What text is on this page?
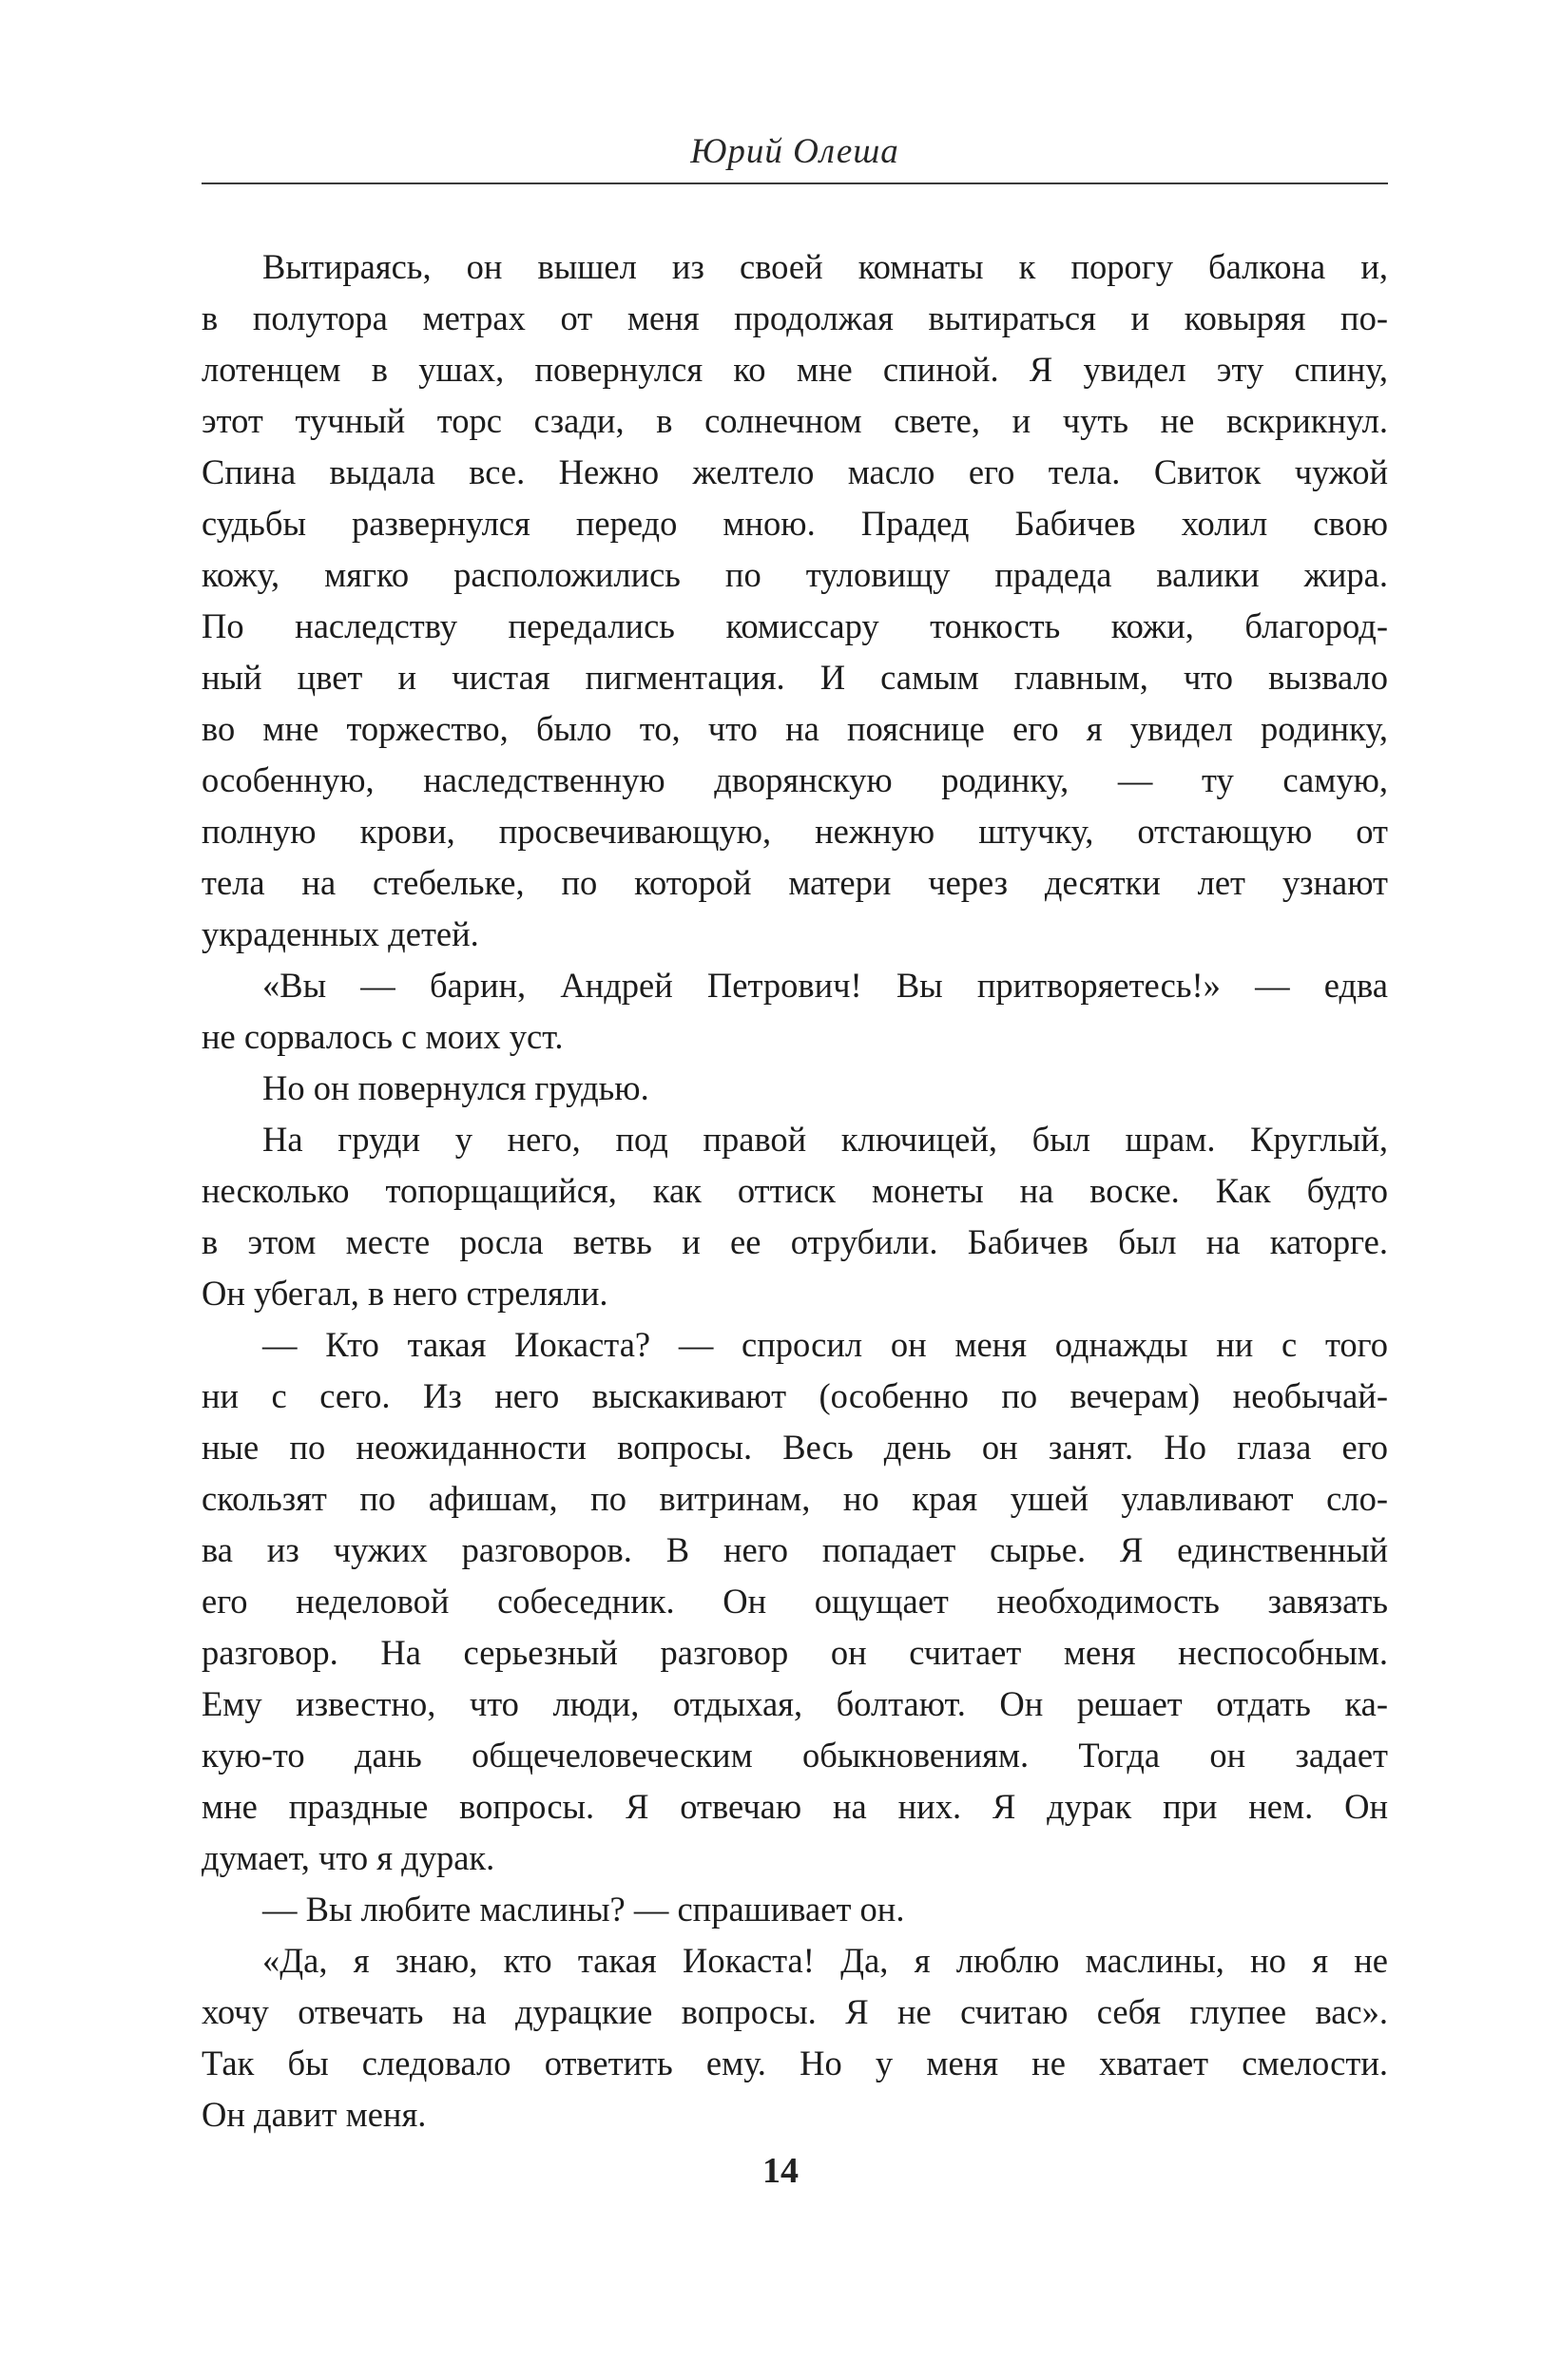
Юрий Олеша
Вытираясь, он вышел из своей комнаты к порогу балкона и,
в полутора метрах от меня продолжая вытираться и ковыряя по-
лотенцем в ушах, повернулся ко мне спиной. Я увидел эту спину,
этот тучный торс сзади, в солнечном свете, и чуть не вскрикнул.
Спина выдала все. Нежно желтело масло его тела. Свиток чужой
судьбы развернулся передо мною. Прадед Бабичев холил свою
кожу, мягко расположились по туловищу прадеда валики жира.
По наследству передались комиссару тонкость кожи, благород-
ный цвет и чистая пигментация. И самым главным, что вызвало
во мне торжество, было то, что на пояснице его я увидел родинку,
особенную, наследственную дворянскую родинку, — ту самую,
полную крови, просвечивающую, нежную штучку, отстающую от
тела на стебельке, по которой матери через десятки лет узнают
украденных детей.
«Вы — барин, Андрей Петрович! Вы притворяетесь!» — едва
не сорвалось с моих уст.
Но он повернулся грудью.
На груди у него, под правой ключицей, был шрам. Круглый,
несколько топорщащийся, как оттиск монеты на воске. Как будто
в этом месте росла ветвь и ее отрубили. Бабичев был на каторге.
Он убегал, в него стреляли.
— Кто такая Иокаста? — спросил он меня однажды ни с того
ни с сего. Из него выскакивают (особенно по вечерам) необычай-
ные по неожиданности вопросы. Весь день он занят. Но глаза его
скользят по афишам, по витринам, но края ушей улавливают сло-
ва из чужих разговоров. В него попадает сырье. Я единственный
его неделовой собеседник. Он ощущает необходимость завязать
разговор. На серьезный разговор он считает меня неспособным.
Ему известно, что люди, отдыхая, болтают. Он решает отдать ка-
кую-то дань общечеловеческим обыкновениям. Тогда он задает
мне праздные вопросы. Я отвечаю на них. Я дурак при нем. Он
думает, что я дурак.
— Вы любите маслины? — спрашивает он.
«Да, я знаю, кто такая Иокаста! Да, я люблю маслины, но я не
хочу отвечать на дурацкие вопросы. Я не считаю себя глупее вас».
Так бы следовало ответить ему. Но у меня не хватает смелости.
Он давит меня.
14
